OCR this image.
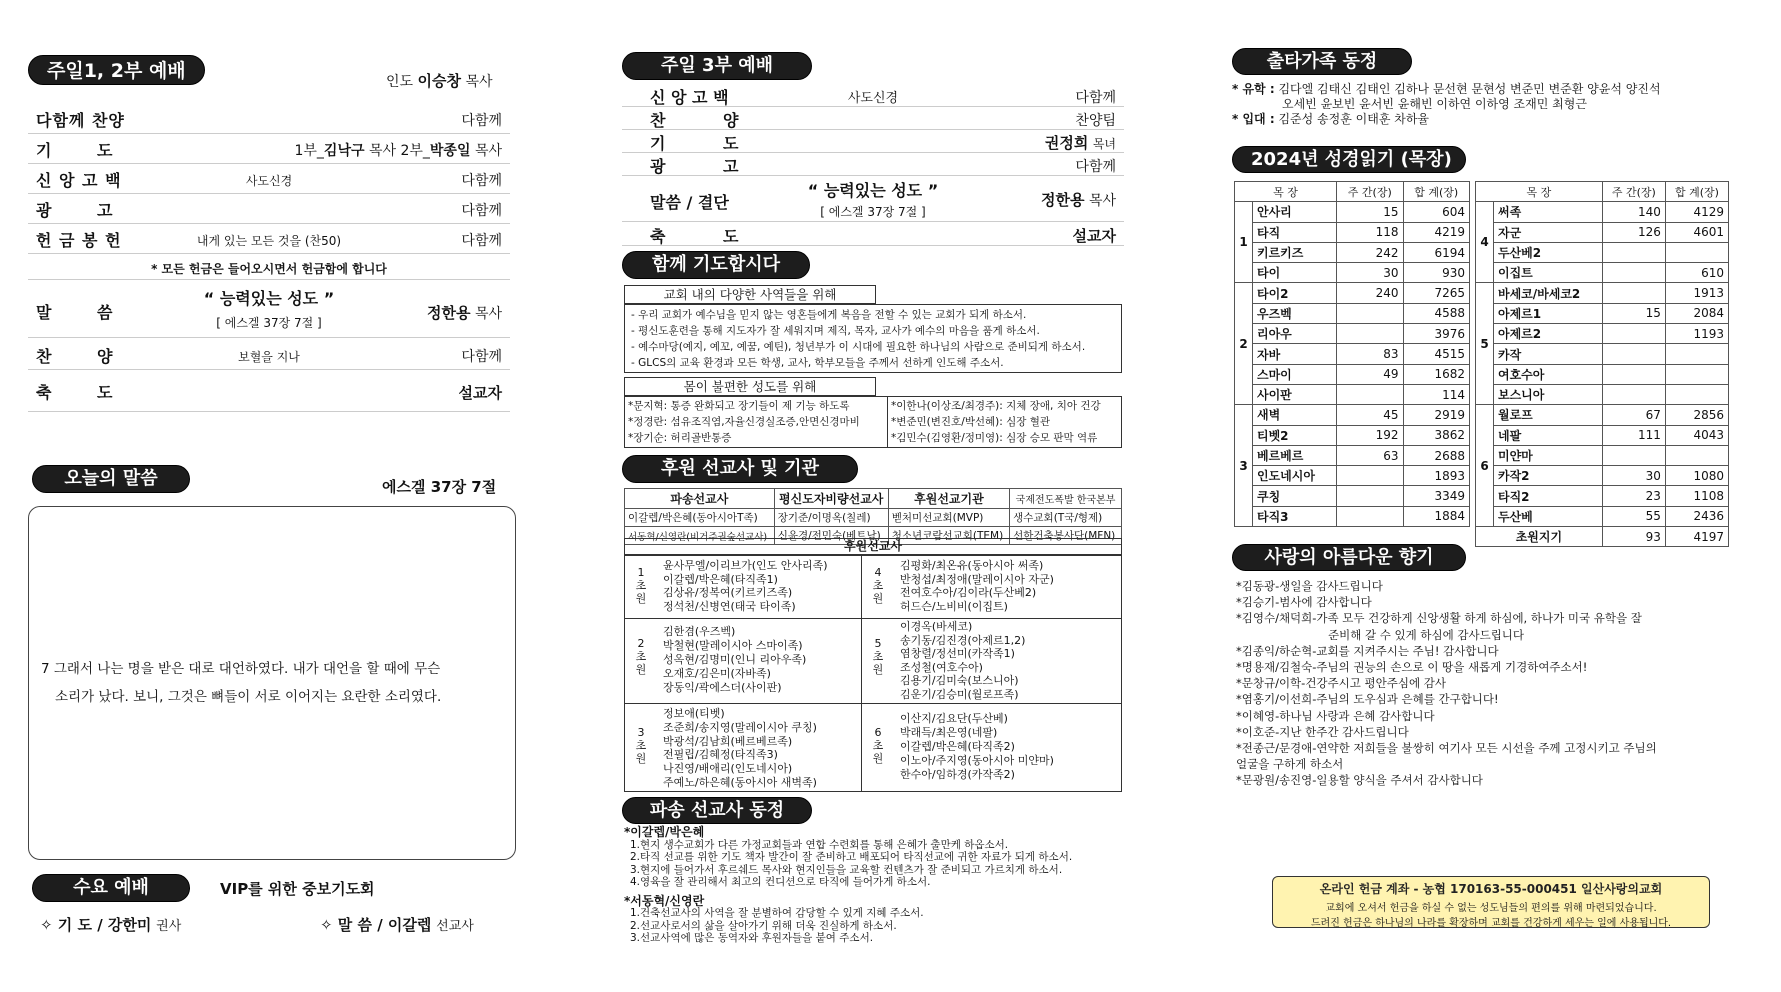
주일1, 2부 예배	인도 이승창 목사
다함께 찬양	다함께
기 도	1부_김낙구 목사 2부_박종일 목사
신 앙 고 백	사도신경	다함께
광 고	다함께
헌 금 봉 헌	내게 있는 모든 것을 (찬50)	다함께
* 모든 헌금은 들어오시면서 헌금함에 합니다
말 씀
“ 능력있는 성도 ”
[ 에스겔 37장 7절 ]
정한용 목사
찬 양	보혈을 지나	다함께
축 도	설교자
오늘의 말씀	에스겔 37장 7절
7 그래서 나는 명을 받은 대로 대언하였다. 내가 대언을 할 때에 무슨
소리가 났다. 보니, 그것은 뼈들이 서로 이어지는 요란한 소리였다.
수요 예배	VIP를 위한 중보기도회
✧ 기 도 / 강한미 권사	✧ 말 씀 / 이갈렙 선교사
주일 3부 예배
신 앙 고 백	사도신경	다함께
찬 양	찬양팀
기 도	권정희 목녀
광 고	다함께
말씀 / 결단
“ 능력있는 성도 ”
[ 에스겔 37장 7절 ]
정한용 목사
축 도	설교자
함께 기도합시다
교회 내의 다양한 사역들을 위해
- 우리 교회가 예수님을 믿지 않는 영혼들에게 복음을 전할 수 있는 교회가 되게 하소서.
- 평신도훈련을 통해 지도자가 잘 세워지며 제직, 목자, 교사가 예수의 마음을 품게 하소서.
- 예수마당(예지, 예꼬, 예꿈, 예틴), 청년부가 이 시대에 필요한 하나님의 사람으로 준비되게 하소서.
- GLCS의 교육 환경과 모든 학생, 교사, 학부모들을 주께서 선하게 인도해 주소서.
몸이 불편한 성도를 위해
*문지혁: 통증 완화되고 장기들이 제 기능 하도록
*정경란: 섬유조직염,자율신경실조증,안면신경마비
*장기순: 허리골반통증
*이한나(이상조/최경주): 지체 장애, 치아 건강
*변준민(변진호/박선혜): 심장 혈관
*김민수(김영환/정미영): 심장 승모 판막 역류
후원 선교사 및 기관
파송선교사	평신도자비량선교사	후원선교기관	국제전도폭발 한국본부
이갈렙/박은혜(동아시아T족)	장기준/이명옥(칠레)	벧처미선교회(MVP)	생수교회(T국/형제)
서동혁/신영란(비거주권숲선교사)	신윤경/전민숙(베트남)	청소년코람선교회(TEM)	선한건축봉사단(MFN)
후원선교사
1초원
윤사무엘/이리브가(인도 안사리족)
이갈렙/박은혜(타직족1)
김상유/정복여(키르키즈족)
정석천/신병연(태국 타이족)
4초원
김평화/최온유(동아시아 써족)
반청섭/최정애(말레이시아 자군)
전여호수아/김이라(두산베2)
허드슨/노비비(이집트)
2초원
김한겸(우즈벡)
박철현(말레이시아 스마이족)
성옥현/김명미(인니 리아우족)
오재호/김은미(자바족)
장동익/곽에스더(사이판)
5초원
이경옥(바세코)
송기동/김진경(아제르1,2)
염창렬/정선미(카작족1)
조성철(여호수아)
김용기/김미숙(보스니아)
김운기/김승미(월로프족)
3초원
정보애(티벳)
조준희/송지영(말레이시아 쿠칭)
박광석/김남희(베르베르족)
전필립/김혜정(타직족3)
나진영/배애리(인도네시아)
주예노/하은혜(동아시아 새벽족)
6초원
이산지/김요단(두산베)
박래득/최은영(네팔)
이갈렙/박은혜(타직족2)
이노아/주지영(동아시아 미얀마)
한수아/임하경(카작족2)
파송 선교사 동정
*이갈렙/박은혜
1.현지 생수교회가 다른 가정교회들과 연합 수련회를 통해 은혜가 출만케 하옵소서.
2.타직 선교를 위한 기도 책자 발간이 잘 준비하고 배포되어 타직선교에 귀한 자료가 되게 하소서.
3.현지에 들어가서 후르쉐드 목사와 현지인들을 교육할 컨텐츠가 잘 준비되고 가르치게 하소서.
4.영육을 잘 관리해서 최고의 컨디션으로 타직에 들어가게 하소서.
*서동혁/신영란
1.건축선교사의 사역을 잘 분별하여 감당할 수 있게 지혜 주소서.
2.선교사로서의 삶을 살아가기 위해 더욱 진실하게 하소서.
3.선교사역에 많은 동역자와 후원자들을 붙여 주소서.
출타가족 동정
* 유학 : 김다엘 김태신 김태인 김하나 문선현 문현성 변준민 변준환 양윤석 양진석
오세빈 윤보빈 윤서빈 윤해빈 이하연 이하영 조재민 최형근
* 입대 : 김준성 송정훈 이태훈 차하율
2024년 성경읽기 (목장)
목 장		주 간(장)	합 계(장)
1	안사리	15	604
	타직	118	4219
	키르키즈	242	6194
	타이	30	930
2	타이2	240	7265
	우즈벡		4588
	리아우		3976
	자바	83	4515
	스마이	49	1682
	사이판		114
3	새벽	45	2919
	티벳2	192	3862
	베르베르	63	2688
	인도네시아		1893
	쿠칭		3349
	타직3		1884
목 장		주 간(장)	합 계(장)
4	써족	140	4129
	자군	126	4601
	두산베2		
	이집트		610
5	바세코/바세코2		1913
	아제르1	15	2084
	아제르2		1193
	카작		
	여호수아		
	보스니아		
6	월로프	67	2856
	네팔	111	4043
	미얀마		
	카작2	30	1080
	타직2	23	1108
	두산베	55	2436
초원지기		93	4197
사랑의 아름다운 향기
*김동광-생일을 감사드립니다
*김승기-범사에 감사합니다
*김영수/채덕희-가족 모두 건강하게 신앙생활 하게 하심에, 하나가 미국 유학을 잘
준비해 갈 수 있게 하심에 감사드립니다
*김종익/하순혁-교회를 지켜주시는 주님! 감사합니다
*명용재/김철숙-주님의 권능의 손으로 이 땅을 새롭게 기경하여주소서!
*문창규/이학-건강주시고 평안주심에 감사
*염홍기/이선희-주님의 도우심과 은혜를 간구합니다!
*이혜영-하나님 사랑과 은혜 감사합니다
*이호준-지난 한주간 감사드립니다
*전종근/문경애-연약한 저희들을 불쌍히 여기사 모든 시선을 주께 고정시키고 주님의
얼굴을 구하게 하소서
*문광원/송진영-일용할 양식을 주셔서 감사합니다
온라인 헌금 계좌 - 농협 170163-55-000451 일산사랑의교회
교회에 오셔서 헌금을 하실 수 없는 성도님들의 편의를 위해 마련되었습니다.
드려진 헌금은 하나님의 나라를 확장하며 교회를 건강하게 세우는 일에 사용됩니다.
